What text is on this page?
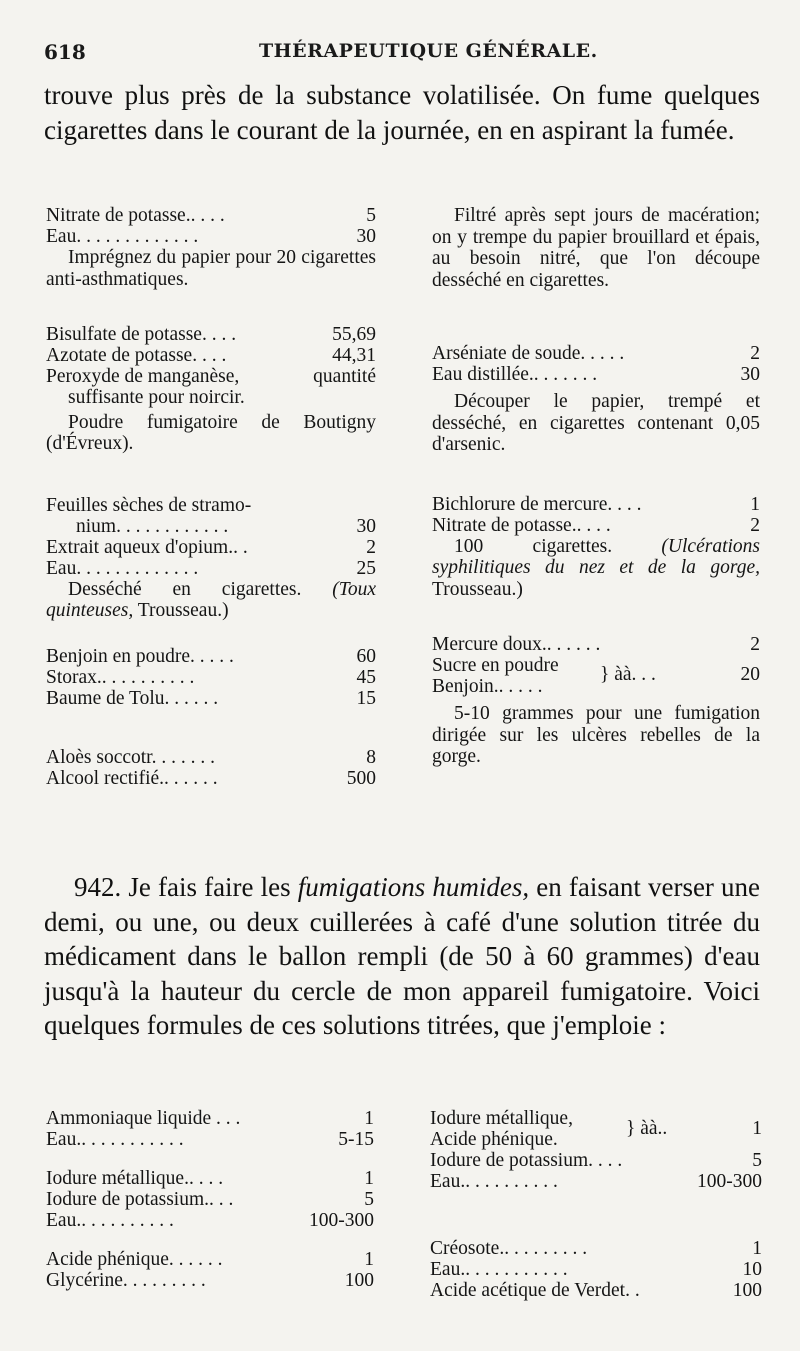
618	THÉRAPEUTIQUE GÉNÉRALE.
trouve plus près de la substance volatilisée. On fume quelques cigarettes dans le courant de la journée, en en aspirant la fumée.
Nitrate de potasse.. . . .	5
Eau. . . . . . . . . . . . .	30
Imprégnez du papier pour 20 cigarettes anti-asthmatiques.
Bisulfate de potasse. . . .	55,69
Azotate de potasse. . . .	44,31
Peroxyde de manganèse,	quantité
suffisante pour noircir.
Poudre fumigatoire de Boutigny (d'Évreux).
Feuilles sèches de stramo-
nium. . . . . . . . . . . .	30
Extrait aqueux d'opium.. .	2
Eau. . . . . . . . . . . . .	25
Desséché en cigarettes. (Toux quinteuses, Trousseau.)
Benjoin en poudre. . . . .	60
Storax.. . . . . . . . . .	45
Baume de Tolu. . . . . .	15
Aloès soccotr. . . . . . .	8
Alcool rectifié.. . . . . .	500
Filtré après sept jours de macération; on y trempe du papier brouillard et épais, au besoin nitré, que l'on découpe desséché en cigarettes.
Arséniate de soude. . . . .	2
Eau distillée.. . . . . . .	30
Découper le papier, trempé et desséché, en cigarettes contenant 0,05 d'arsenic.
Bichlorure de mercure. . . .	1
Nitrate de potasse.. . . .	2
100 cigarettes.	(Ulcérations syphilitiques du nez et de la gorge, Trousseau.)
Mercure doux.. . . . . .	2
Sucre en poudre
Benjoin.. . . . .
} àà. . .	20
5-10 grammes pour une fumigation dirigée sur les ulcères rebelles de la gorge.
942. Je fais faire les fumigations humides, en faisant verser une demi, ou une, ou deux cuillerées à café d'une solution titrée du médicament dans le ballon rempli (de 50 à 60 grammes) d'eau jusqu'à la hauteur du cercle de mon appareil fumigatoire. Voici quelques formules de ces solutions titrées, que j'emploie :
Ammoniaque liquide . . .	1
Eau.. . . . . . . . . . .	5-15
Iodure métallique.. . . .	1
Iodure de potassium.. . .	5
Eau.. . . . . . . . . .	100-300
Acide phénique. . . . . .	1
Glycérine. . . . . . . . .	100
Iodure métallique,
Acide phénique.
} àà..	1
Iodure de potassium. . . .	5
Eau.. . . . . . . . . .	100-300
Créosote.. . . . . . . . .	1
Eau.. . . . . . . . . . .	10
Acide acétique de Verdet. .	100
